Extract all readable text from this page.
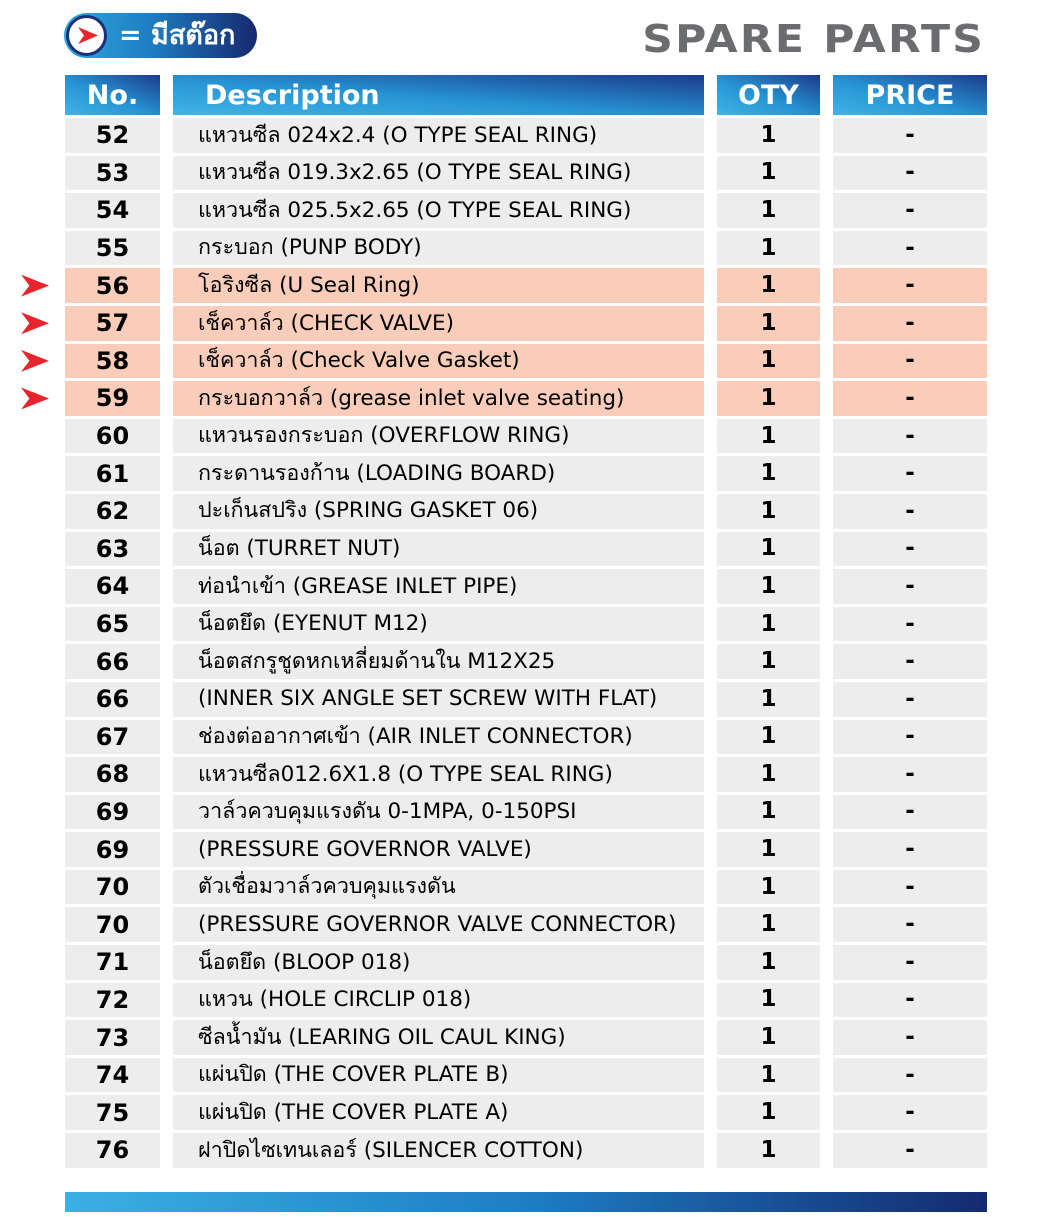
= มีสต๊อก	SPARE PARTS
No.	Description	OTY	PRICE
52	แหวนซีล 024x2.4 (O TYPE SEAL RING)	1	-
53	แหวนซีล 019.3x2.65 (O TYPE SEAL RING)	1	-
54	แหวนซีล 025.5x2.65 (O TYPE SEAL RING)	1	-
55	กระบอก (PUNP BODY)	1	-
56	โอริงซีล (U Seal Ring)	1	-
57	เช็ควาล์ว (CHECK VALVE)	1	-
58	เช็ควาล์ว (Check Valve Gasket)	1	-
59	กระบอกวาล์ว (grease inlet valve seating)	1	-
60	แหวนรองกระบอก (OVERFLOW RING)	1	-
61	กระดานรองก้าน (LOADING BOARD)	1	-
62	ปะเก็นสปริง (SPRING GASKET 06)	1	-
63	น็อต (TURRET NUT)	1	-
64	ท่อนำเข้า (GREASE INLET PIPE)	1	-
65	น็อตยึด (EYENUT M12)	1	-
66	น็อตสกรูชูดหกเหลี่ยมด้านใน M12X25	1	-
66	(INNER SIX ANGLE SET SCREW WITH FLAT)	1	-
67	ช่องต่ออากาศเข้า (AIR INLET CONNECTOR)	1	-
68	แหวนซีล012.6X1.8 (O TYPE SEAL RING)	1	-
69	วาล์วควบคุมแรงดัน 0-1MPA, 0-150PSI	1	-
69	(PRESSURE GOVERNOR VALVE)	1	-
70	ตัวเชื่อมวาล์วควบคุมแรงดัน	1	-
70	(PRESSURE GOVERNOR VALVE CONNECTOR)	1	-
71	น็อตยึด (BLOOP 018)	1	-
72	แหวน (HOLE CIRCLIP 018)	1	-
73	ซีลน้ำมัน (LEARING OIL CAUL KING)	1	-
74	แผ่นปิด (THE COVER PLATE B)	1	-
75	แผ่นปิด (THE COVER PLATE A)	1	-
76	ฝาปิดไซเทนเลอร์ (SILENCER COTTON)	1	-
